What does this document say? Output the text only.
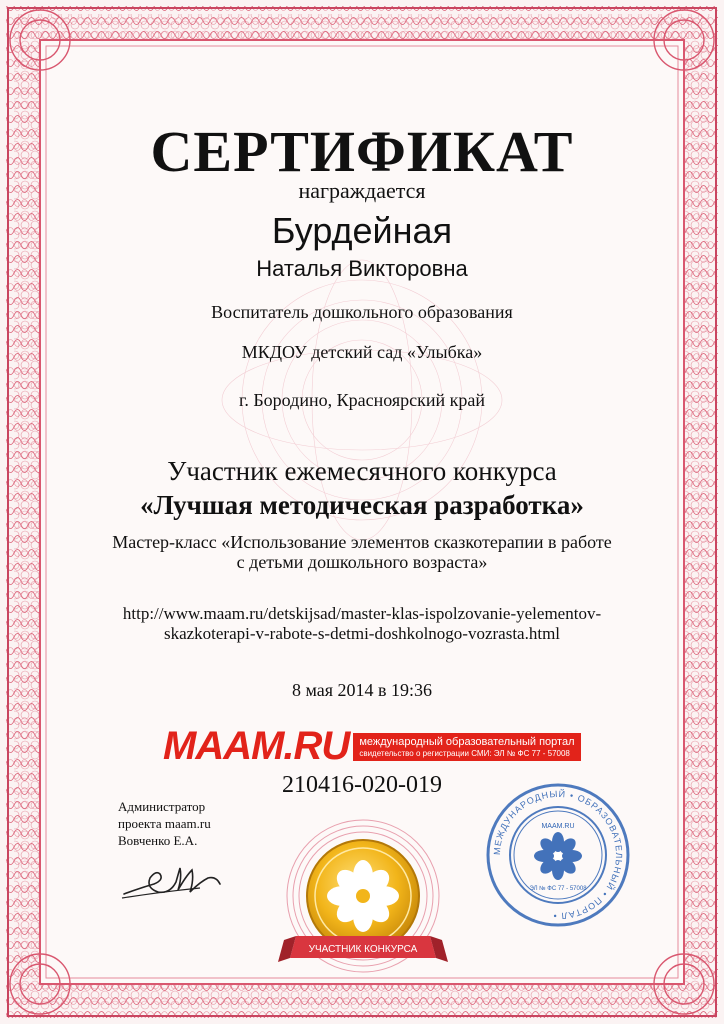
СЕРТИФИКАТ
награждается
Бурдейная
Наталья Викторовна
Воспитатель дошкольного образования
МКДОУ детский сад «Улыбка»
г. Бородино, Красноярский край
Участник ежемесячного конкурса
«Лучшая методическая разработка»
Мастер-класс «Использование элементов сказкотерапии в работе
с детьми дошкольного возраста»
http://www.maam.ru/detskijsad/master-klas-ispolzovanie-yelementov-
skazkoterapi-v-rabote-s-detmi-doshkolnogo-vozrasta.html
8 мая 2014 в 19:36
MAAM.RU международный образовательный портал
свидетельство о регистрации СМИ: ЭЛ № ФС 77 - 57008
210416-020-019
Администратор
проекта maam.ru
Вовченко Е.А.
УЧАСТНИК КОНКУРСА
МЕЖДУНАРОДНЫЙ • ОБРАЗОВАТЕЛЬНЫЙ • ПОРТАЛ •
MAAM.RU
ЭЛ № ФС 77 - 57008
